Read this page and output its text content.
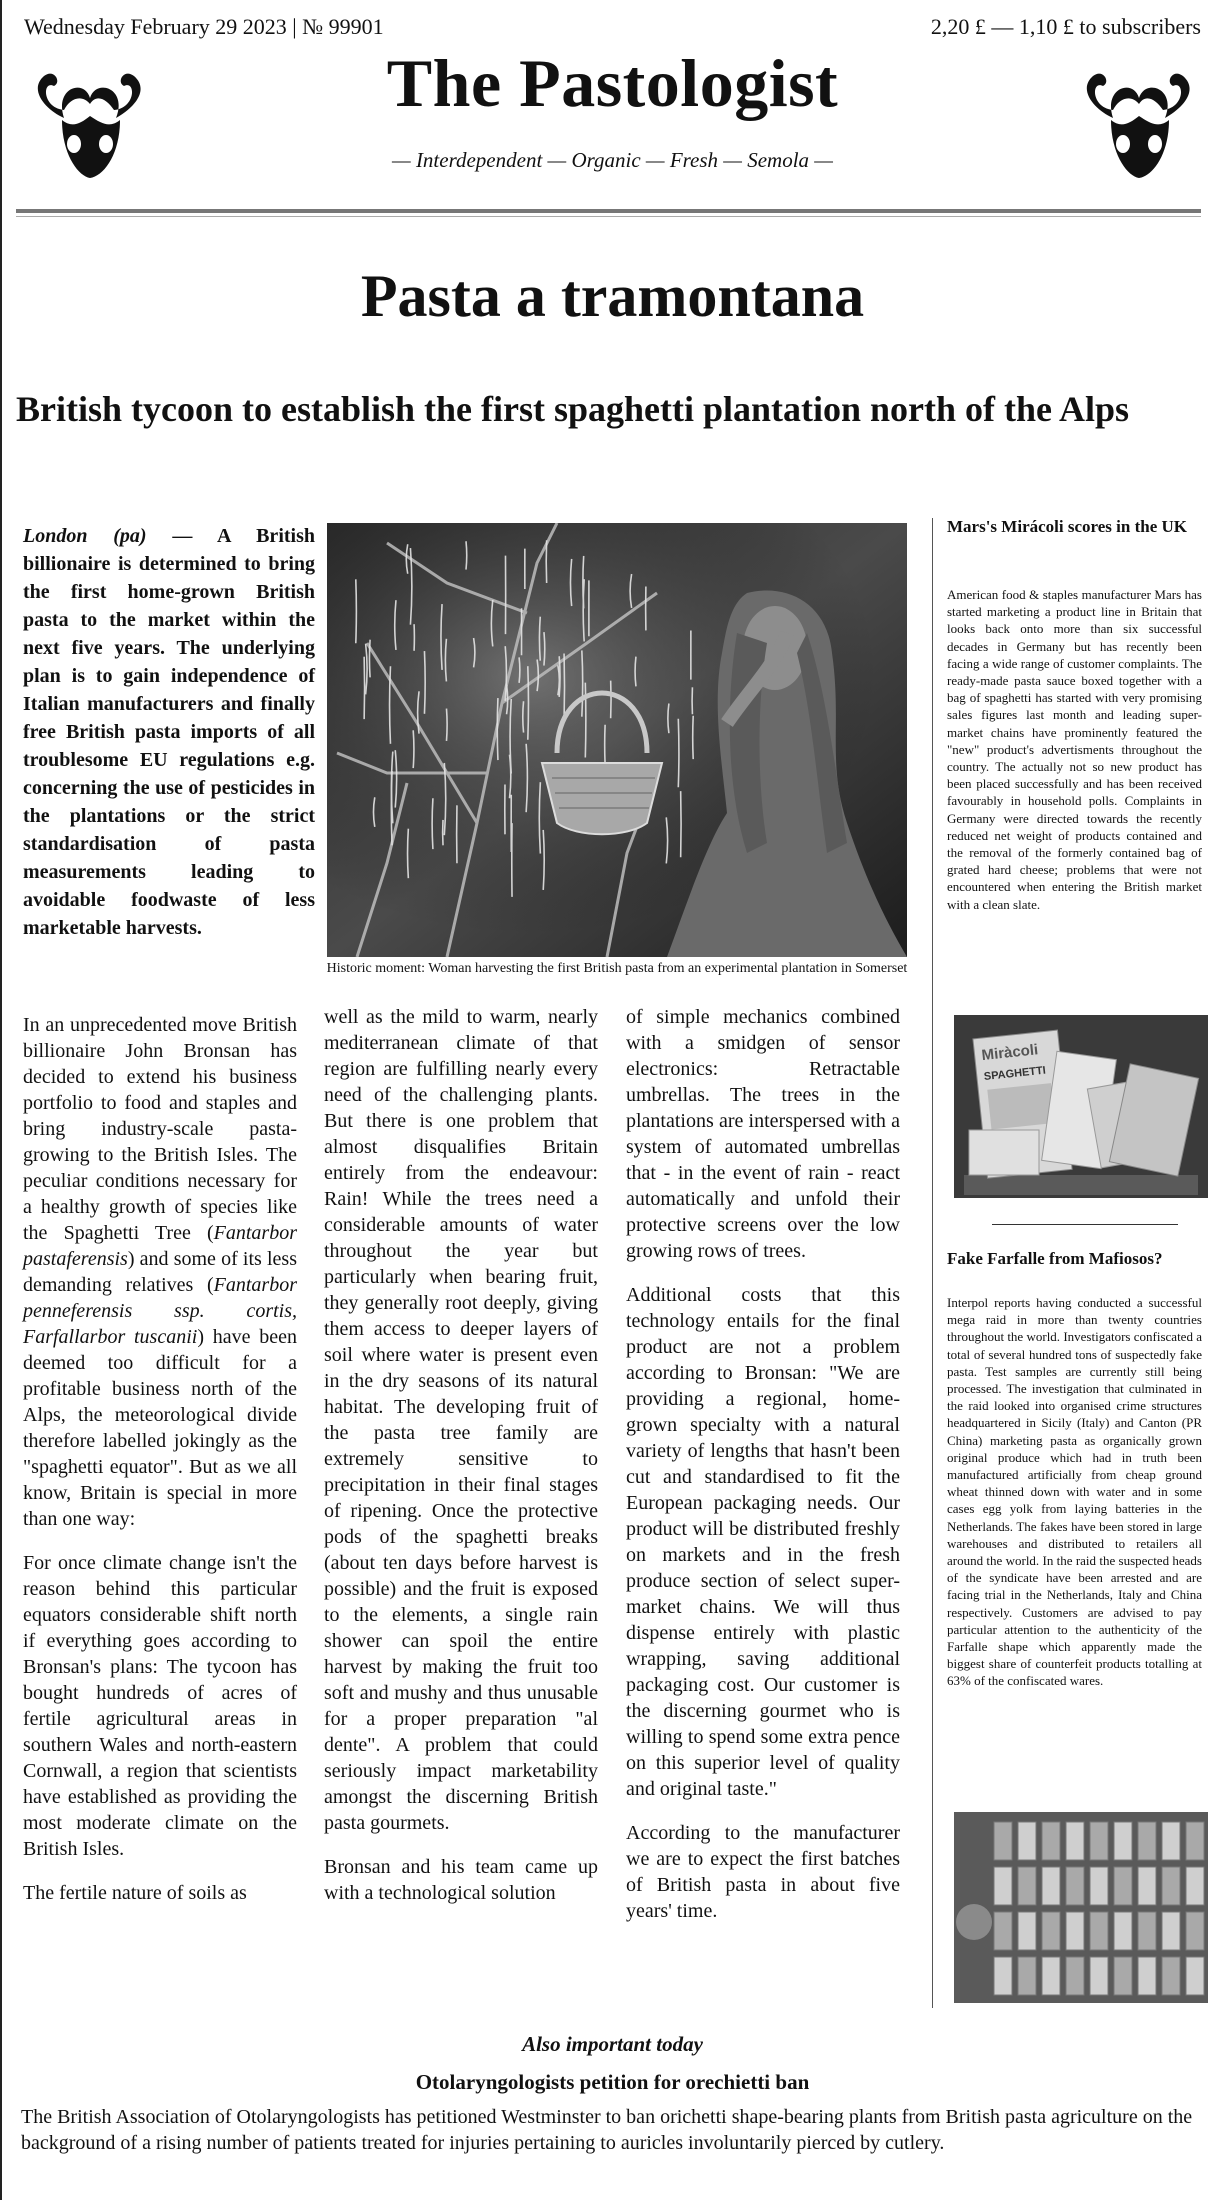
Wednesday February 29 2023 | № 99901	2,20 £ — 1,10 £ to subscribers
The Pastologist
— Interdependent — Organic — Fresh — Semola —
Pasta a tramontana
British tycoon to establish the first spaghetti plantation north of the Alps

London (pa) — A British billionaire is determined to bring the first home-grown British pasta to the market within the next five years. The underlying plan is to gain independence of Italian manufacturers and finally free British pasta imports of all troublesome EU regulations e.g. concerning the use of pesticides in the plantations or the strict standardisation of pasta measurements leading to avoidable foodwaste of less marketable harvests.

Historic moment: Woman harvesting the first British pasta from an experimental plantation in Somerset

In an unprecedented move British billionaire John Bronsan has decided to extend his business portfolio to food and staples and bring industry-scale pasta-growing to the British Isles. The peculiar conditions necessary for a healthy growth of species like the Spaghetti Tree (Fantarbor pastaferensis) and some of its less demanding relatives (Fantarbor penneferensis ssp. cortis, Farfallarbor tuscanii) have been deemed too difficult for a profitable business north of the Alps, the meteorological divide therefore labelled jokingly as the "spaghetti equator". But as we all know, Britain is special in more than one way:

For once climate change isn't the reason behind this particular equators considerable shift north if everything goes according to Bronsan's plans: The tycoon has bought hundreds of acres of fertile agricultural areas in southern Wales and north-eastern Cornwall, a region that scientists have established as providing the most moderate climate on the British Isles.

The fertile nature of soils as

well as the mild to warm, nearly mediterranean climate of that region are fulfilling nearly every need of the challenging plants. But there is one problem that almost disqualifies Britain entirely from the endeavour: Rain! While the trees need a considerable amounts of water throughout the year but particularly when bearing fruit, they generally root deeply, giving them access to deeper layers of soil where water is present even in the dry seasons of its natural habitat. The developing fruit of the pasta tree family are extremely sensitive to precipitation in their final stages of ripening. Once the protective pods of the spaghetti breaks (about ten days before harvest is possible) and the fruit is exposed to the elements, a single rain shower can spoil the entire harvest by making the fruit too soft and mushy and thus unusable for a proper preparation "al dente". A problem that could seriously impact marketability amongst the discerning British pasta gourmets.

Bronsan and his team came up with a technological solution

of simple mechanics combined with a smidgen of sensor electronics: Retractable umbrellas. The trees in the plantations are interspersed with a system of automated umbrellas that - in the event of rain - react automatically and unfold their protective screens over the low growing rows of trees.

Additional costs that this technology entails for the final product are not a problem according to Bronsan: "We are providing a regional, home-grown specialty with a natural variety of lengths that hasn't been cut and standardised to fit the European packaging needs. Our product will be distributed freshly on markets and in the fresh produce section of select super-market chains. We will thus dispense entirely with plastic wrapping, saving additional packaging cost. Our customer is the discerning gourmet who is willing to spend some extra pence on this superior level of quality and original taste."

According to the manufacturer we are to expect the first batches of British pasta in about five years' time.

Mars's Mirácoli scores in the UK

American food & staples manufacturer Mars has started marketing a product line in Britain that looks back onto more than six successful decades in Germany but has recently been facing a wide range of customer complaints. The ready-made pasta sauce boxed together with a bag of spaghetti has started with very promising sales figures last month and leading super-market chains have prominently featured the "new" product's advertisments throughout the country. The actually not so new product has been placed successfully and has been received favourably in household polls. Complaints in Germany were directed towards the recently reduced net weight of products contained and the removal of the formerly contained bag of grated hard cheese; problems that were not encountered when entering the British market with a clean slate.

Miràcoli
SPAGHETTI
Fake Farfalle from Mafiosos?

Interpol reports having conducted a successful mega raid in more than twenty countries throughout the world. Investigators confiscated a total of several hundred tons of suspectedly fake pasta. Test samples are currently still being processed. The investigation that culminated in the raid looked into organised crime structures headquartered in Sicily (Italy) and Canton (PR China) marketing pasta as organically grown original produce which had in truth been manufactured artificially from cheap ground wheat thinned down with water and in some cases egg yolk from laying batteries in the Netherlands. The fakes have been stored in large warehouses and distributed to retailers all around the world. In the raid the suspected heads of the syndicate have been arrested and are facing trial in the Netherlands, Italy and China respectively. Customers are advised to pay particular attention to the authenticity of the Farfalle shape which apparently made the biggest share of counterfeit products totalling at 63% of the confiscated wares.

Also important today
Otolaryngologists petition for orechietti ban

The British Association of Otolaryngologists has petitioned Westminster to ban orichetti shape-bearing plants from British pasta agriculture on the background of a rising number of patients treated for injuries pertaining to auricles involuntarily pierced by cutlery.
